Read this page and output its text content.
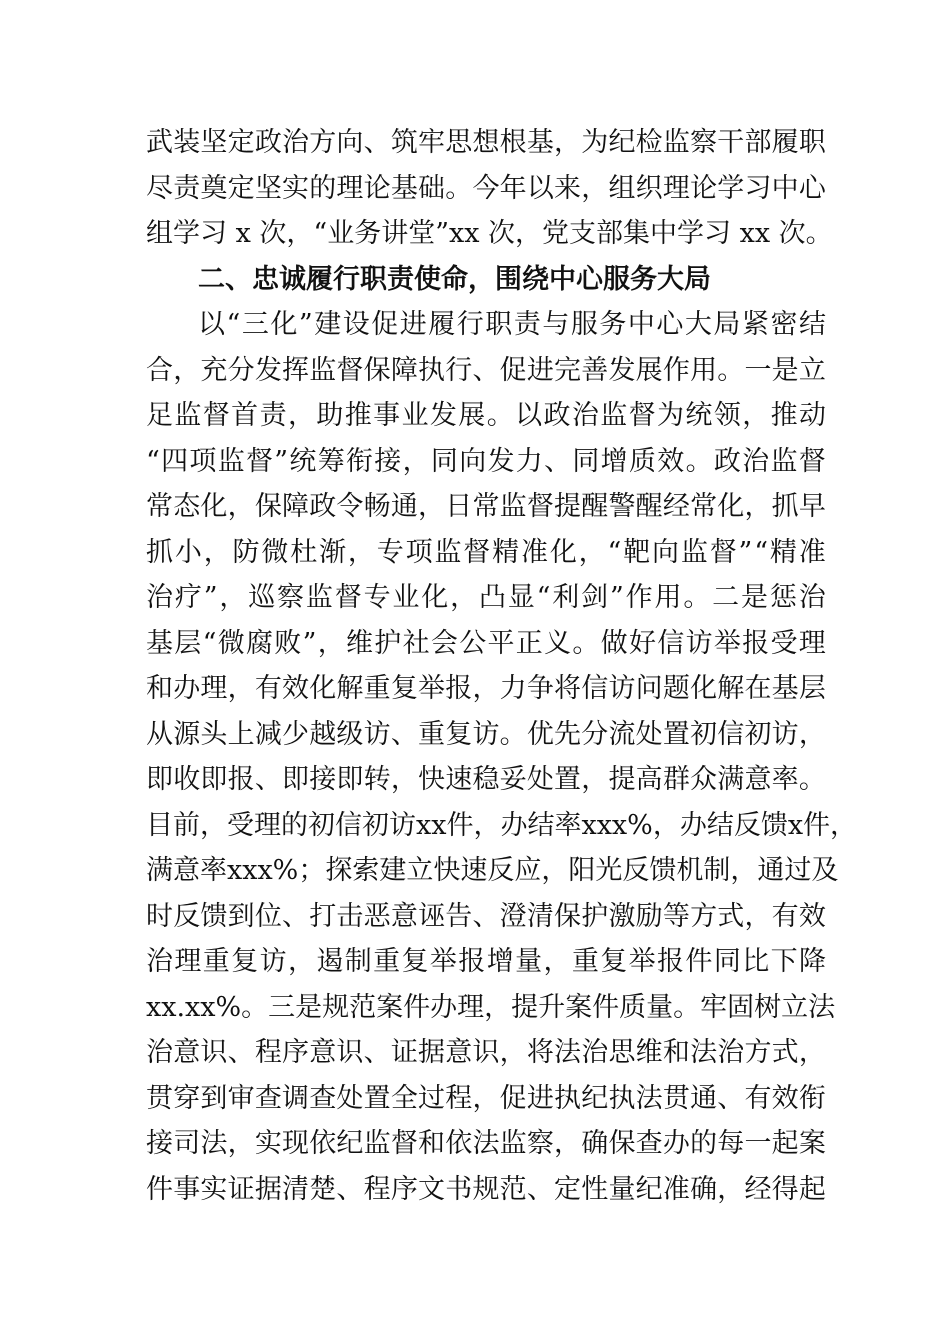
武 装 坚 定 政 治 方 向 、 筑 牢 思 想 根 基 ， 为 纪 检 监 察 干 部 履 职
尽 责 奠 定 坚 实 的 理 论 基 础 。 今 年 以 来 ， 组 织 理 论 学 习 中 心
组学习 x 次，“业务讲堂”xx 次，党支部集中学习 xx 次。
二、忠诚履行职责使命，围绕中心服务大局
以 “ 三 化 ” 建 设 促 进 履 行 职 责 与 服 务 中 心 大 局 紧 密 结
合 ， 充 分 发 挥 监 督 保 障 执 行 、 促 进 完 善 发 展 作 用 。 一 是 立
足 监 督 首 责 ， 助 推 事 业 发 展 。 以 政 治 监 督 为 统 领 ， 推 动
“ 四 项 监 督 ” 统 筹 衔 接 ， 同 向 发 力 、 同 增 质 效 。 政 治 监 督
常 态 化 ， 保 障 政 令 畅 通 ， 日 常 监 督 提 醒 警 醒 经 常 化 ， 抓 早
抓 小 ， 防 微 杜 渐 ， 专 项 监 督 精 准 化 ， “ 靶 向 监 督 ” “ 精 准
治 疗 ” ， 巡 察 监 督 专 业 化 ， 凸 显 “ 利 剑 ” 作 用 。 二 是 惩 治
基 层 “ 微 腐 败 ” ， 维 护 社 会 公 平 正 义 。 做 好 信 访 举 报 受 理
和 办 理 ， 有 效 化 解 重 复 举 报 ， 力 争 将 信 访 问 题 化 解 在 基 层
从 源 头 上 减 少 越 级 访 、 重 复 访 。 优 先 分 流 处 置 初 信 初 访 ，
即 收 即 报 、 即 接 即 转 ， 快 速 稳 妥 处 置 ， 提 高 群 众 满 意 率 。
目 前 ， 受 理 的 初 信 初 访 xx 件 ， 办 结 率 xxx% ， 办 结 反 馈 x 件 ，
满 意 率 xxx% ； 探 索 建 立 快 速 反 应 ， 阳 光 反 馈 机 制 ， 通 过 及
时 反 馈 到 位 、 打 击 恶 意 诬 告 、 澄 清 保 护 激 励 等 方 式 ， 有 效
治 理 重 复 访 ， 遏 制 重 复 举 报 增 量 ， 重 复 举 报 件 同 比 下 降
xx.xx% 。 三 是 规 范 案 件 办 理 ， 提 升 案 件 质 量 。 牢 固 树 立 法
治 意 识 、 程 序 意 识 、 证 据 意 识 ， 将 法 治 思 维 和 法 治 方 式 ，
贯 穿 到 审 查 调 查 处 置 全 过 程 ， 促 进 执 纪 执 法 贯 通 、 有 效 衔
接 司 法 ， 实 现 依 纪 监 督 和 依 法 监 察 ， 确 保 查 办 的 每 一 起 案
件 事 实 证 据 清 楚 、 程 序 文 书 规 范 、 定 性 量 纪 准 确 ， 经 得 起
